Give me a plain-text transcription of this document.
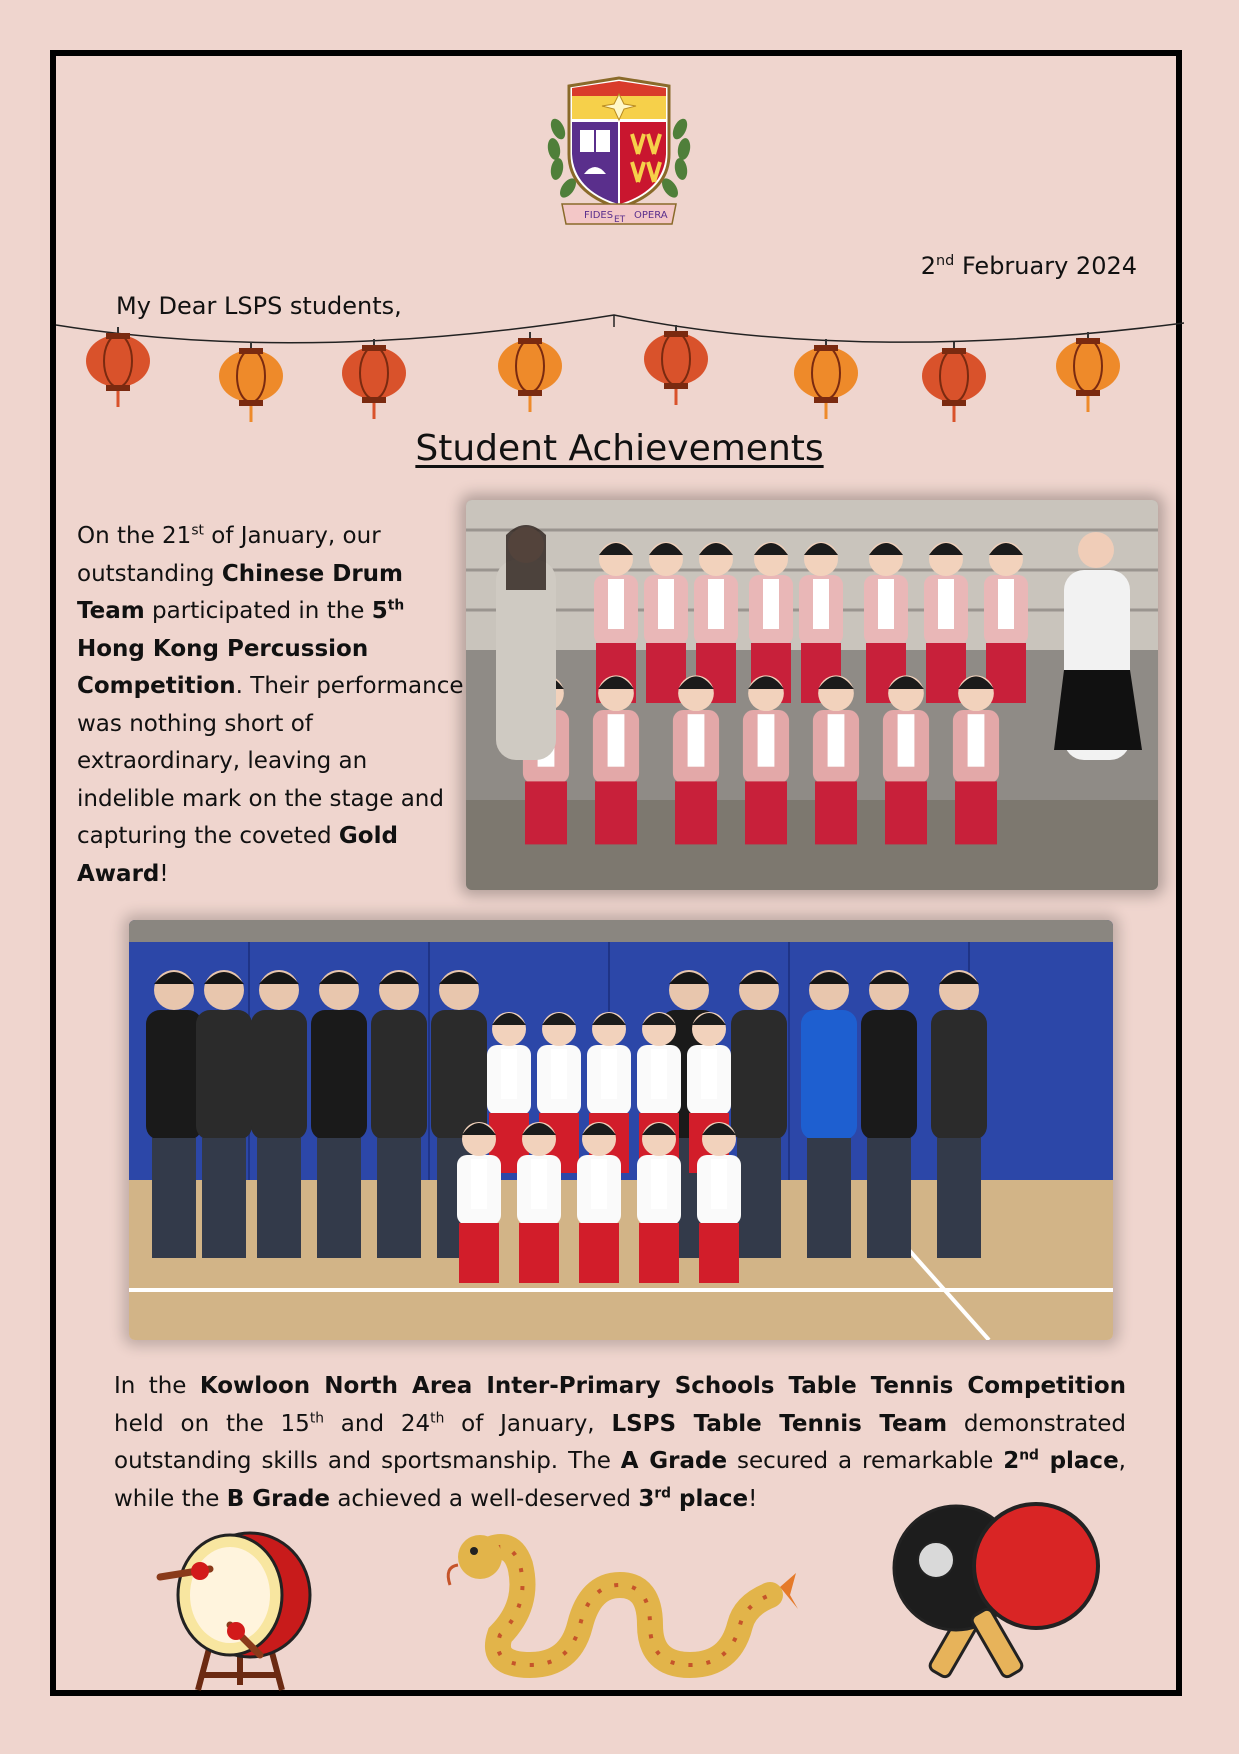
FIDES ET OPERA
2nd February 2024
My Dear LSPS students,
Student Achievements
On the 21st of January, our outstanding Chinese Drum Team participated in the 5th Hong Kong Percussion Competition. Their performance was nothing short of extraordinary, leaving an indelible mark on the stage and capturing the coveted Gold Award!
In the Kowloon North Area Inter-Primary Schools Table Tennis Competition held on the 15th and 24th of January, LSPS Table Tennis Team demonstrated outstanding skills and sportsmanship. The A Grade secured a remarkable 2nd place, while the B Grade achieved a well-deserved 3rd place!
